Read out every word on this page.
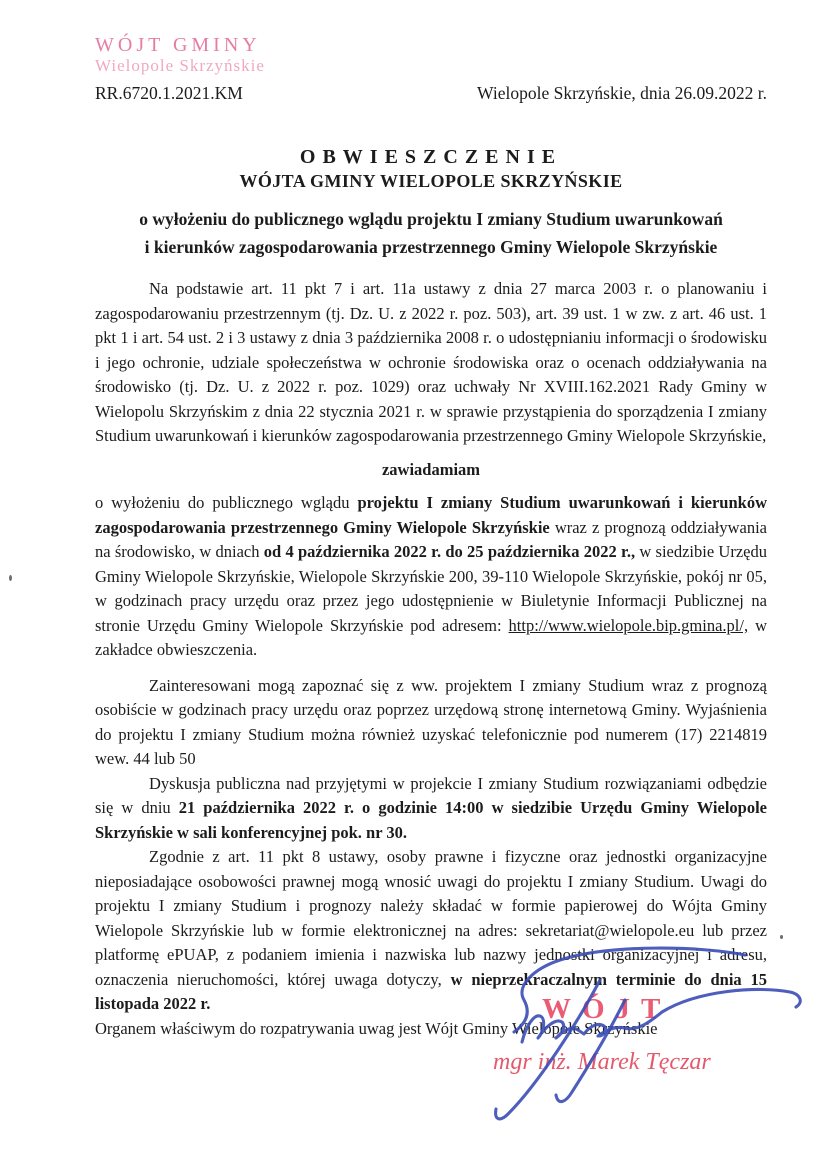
WÓJT GMINY
Wielopole Skrzyńskie
RR.6720.1.2021.KM	Wielopole Skrzyńskie, dnia 26.09.2022 r.
OBWIESZCZENIE
WÓJTA GMINY WIELOPOLE SKRZYŃSKIE
o wyłożeniu do publicznego wglądu projektu I zmiany Studium uwarunkowań
i kierunków zagospodarowania przestrzennego Gminy Wielopole Skrzyńskie

Na podstawie art. 11 pkt 7 i art. 11a ustawy z dnia 27 marca 2003 r. o planowaniu i zagospodarowaniu przestrzennym (tj. Dz. U. z 2022 r. poz. 503), art. 39 ust. 1 w zw. z art. 46 ust. 1 pkt 1 i art. 54 ust. 2 i 3 ustawy z dnia 3 października 2008 r. o udostępnianiu informacji o środowisku i jego ochronie, udziale społeczeństwa w ochronie środowiska oraz o ocenach oddziaływania na środowisko (tj. Dz. U. z 2022 r. poz. 1029) oraz uchwały Nr XVIII.162.2021 Rady Gminy w Wielopolu Skrzyńskim z dnia 22 stycznia 2021 r. w sprawie przystąpienia do sporządzenia I zmiany Studium uwarunkowań i kierunków zagospodarowania przestrzennego Gminy Wielopole Skrzyńskie,

zawiadamiam

o wyłożeniu do publicznego wglądu projektu I zmiany Studium uwarunkowań i kierunków zagospodarowania przestrzennego Gminy Wielopole Skrzyńskie wraz z prognozą oddziaływania na środowisko, w dniach od 4 października 2022 r. do 25 października 2022 r., w siedzibie Urzędu Gminy Wielopole Skrzyńskie, Wielopole Skrzyńskie 200, 39-110 Wielopole Skrzyńskie, pokój nr 05, w godzinach pracy urzędu oraz przez jego udostępnienie w Biuletynie Informacji Publicznej na stronie Urzędu Gminy Wielopole Skrzyńskie pod adresem: http://www.wielopole.bip.gmina.pl/, w zakładce obwieszczenia.

Zainteresowani mogą zapoznać się z ww. projektem I zmiany Studium wraz z prognozą osobiście w godzinach pracy urzędu oraz poprzez urzędową stronę internetową Gminy. Wyjaśnienia do projektu I zmiany Studium można również uzyskać telefonicznie pod numerem (17) 2214819 wew. 44 lub 50

Dyskusja publiczna nad przyjętymi w projekcie I zmiany Studium rozwiązaniami odbędzie się w dniu 21 października 2022 r. o godzinie 14:00 w siedzibie Urzędu Gminy Wielopole Skrzyńskie w sali konferencyjnej pok. nr 30.

Zgodnie z art. 11 pkt 8 ustawy, osoby prawne i fizyczne oraz jednostki organizacyjne nieposiadające osobowości prawnej mogą wnosić uwagi do projektu I zmiany Studium. Uwagi do projektu I zmiany Studium i prognozy należy składać w formie papierowej do Wójta Gminy Wielopole Skrzyńskie lub w formie elektronicznej na adres: sekretariat@wielopole.eu lub przez platformę ePUAP, z podaniem imienia i nazwiska lub nazwy jednostki organizacyjnej i adresu, oznaczenia nieruchomości, której uwaga dotyczy, w nieprzekraczalnym terminie do dnia 15 listopada 2022 r.

Organem właściwym do rozpatrywania uwag jest Wójt Gminy Wielopole Skrzyńskie

WÓJT
mgr inż. Marek Tęczar
